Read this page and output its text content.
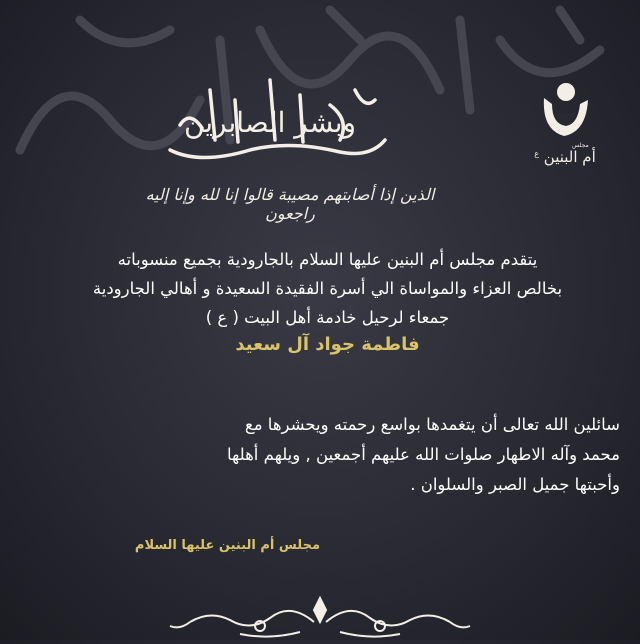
مجلس
أم البنين $^ع$
وبشر الصابرين
الذين إذا أصابتهم مصيبة قالوا إنا لله وإنا إليه راجعون
يتقدم مجلس أم البنين عليها السلام بالجارودية بجميع منسوباته
بخالص العزاء والمواساة الي أسرة الفقيدة السعيدة و أهالي الجارودية
جمعاء لرحيل خادمة أهل البيت ( ع )
فاطمة جواد آل سعيد
سائلين الله تعالى أن يتغمدها بواسع رحمته ويحشرها مع
محمد وآله الاطهار صلوات الله عليهم أجمعين , ويلهم أهلها
وأحبتها جميل الصبر والسلوان .
مجلس أم البنين عليها السلام
